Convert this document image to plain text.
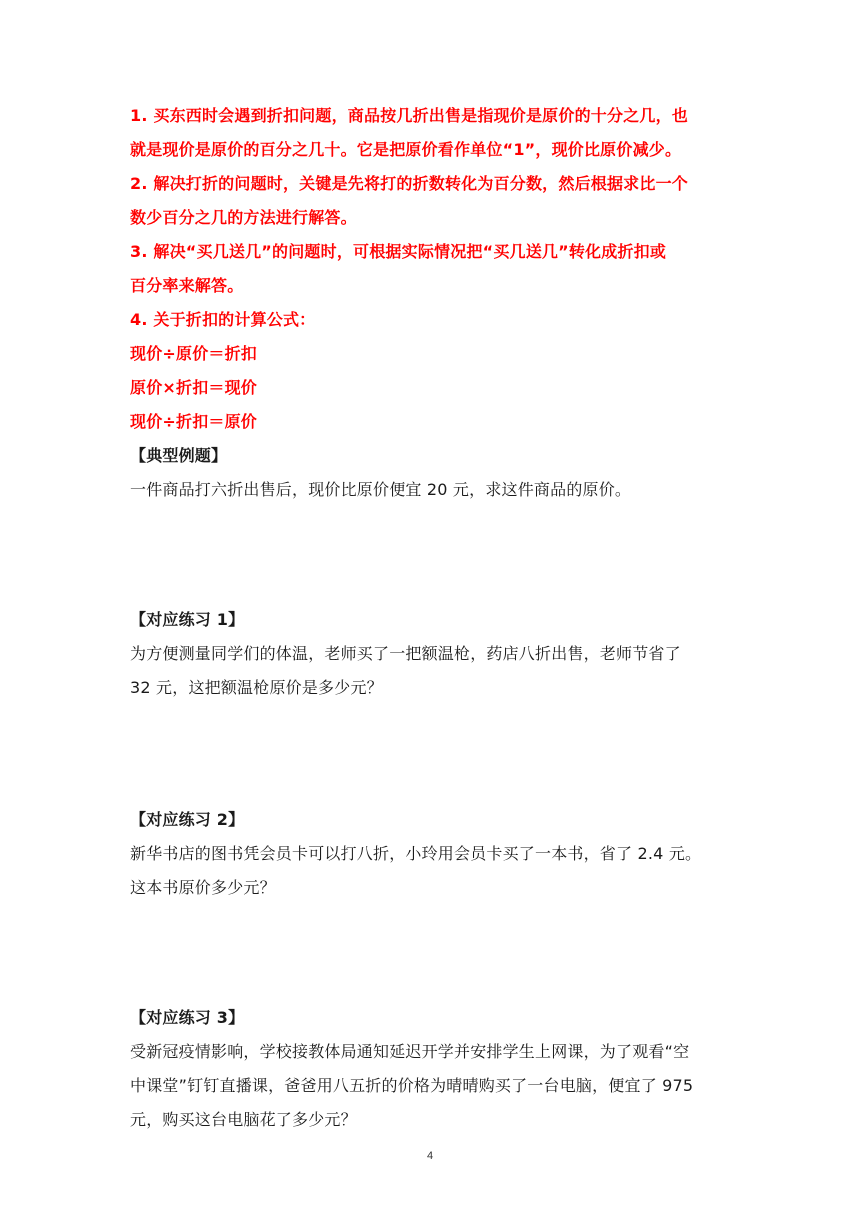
1. 买东西时会遇到折扣问题，商品按几折出售是指现价是原价的十分之几，也
就是现价是原价的百分之几十。它是把原价看作单位“1”，现价比原价减少。
2. 解决打折的问题时，关键是先将打的折数转化为百分数，然后根据求比一个
数少百分之几的方法进行解答。
3. 解决“买几送几”的问题时，可根据实际情况把“买几送几”转化成折扣或
百分率来解答。
4. 关于折扣的计算公式：
现价÷原价＝折扣
原价×折扣＝现价
现价÷折扣＝原价
【典型例题】
一件商品打六折出售后，现价比原价便宜 20 元，求这件商品的原价。
【对应练习 1】
为方便测量同学们的体温，老师买了一把额温枪，药店八折出售，老师节省了
32 元，这把额温枪原价是多少元？
【对应练习 2】
新华书店的图书凭会员卡可以打八折，小玲用会员卡买了一本书，省了 2.4 元。
这本书原价多少元？
【对应练习 3】
受新冠疫情影响，学校接教体局通知延迟开学并安排学生上网课，为了观看“空
中课堂”钉钉直播课，爸爸用八五折的价格为晴晴购买了一台电脑，便宜了 975
元，购买这台电脑花了多少元？
4
